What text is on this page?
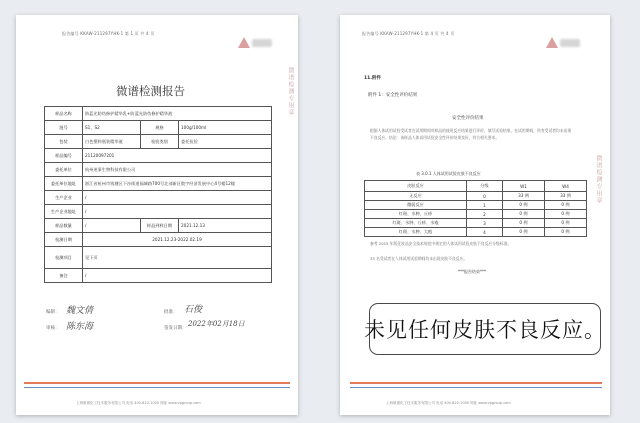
报告编号 KKAW-211297YHK-1 第 1 页 共 4 页
微谱检测报告
样品名称	防蓝光防伪修护精华乳+防蓝光防伪修护精华液		
批号	S1、S2	规格	100g/100ml
包装	白色塑料瓶装精华液	检验类别	委托检验
样品编号	21120097201		
委托单位	杭州迷事生物科技有限公司		
委托单位地址	浙江省杭州市钱塘区下沙街道福城路700号北部新区数字经济发展中心4号楼12楼		
生产企业	/		
生产企业地址	/		
样品数量	/	样品到样日期	2021.12.13
检测日期	2021.12.23-2022.02.19		
检测项目	见下页		
备注	/		
编制： 魏文倩
审核： 陈东海
批准： 石俊
签发日期：
2022年02月18日
微谱检测专用章
上海微谱化工技术服务有限公司 电话 400-820-1000 网址 www.vpgroup.com
报告编号 KKAW-211297YHK-1 第 4 页 共 4 页
11.附件
附件 1：安全性评价结果
安全性评价结果
根据人体试用试验受试者在试用期间对样品的使用反应结果进行评价，填写试验结果。在试用期间，所有受试者均未出现不良反应。结论：该样品人体试用试验安全性评价结果良好，符合相关要求。
表 3.0.1 人体试用试验皮肤不良反应
皮肤反应	分级	W1	W4
无反应	0	33 例	33 例
微弱反应	1	0 例	0 例
红斑、水肿、丘疹	2	0 例	0 例
红斑、水肿、丘疹、水疱	3	0 例	0 例
红斑、水肿、大疱	4	0 例	0 例
参考 2015 年版化妆品安全技术规范中规定的人体试用试验皮肤不良反应分级标准。
33 名受试者在人体试用试验期间均未出现皮肤不良反应。
***报告结束***
微谱检测专用章
上海微谱化工技术服务有限公司 电话 400-820-1000 网址 www.vpgroup.com
未见任何皮肤不良反应。
